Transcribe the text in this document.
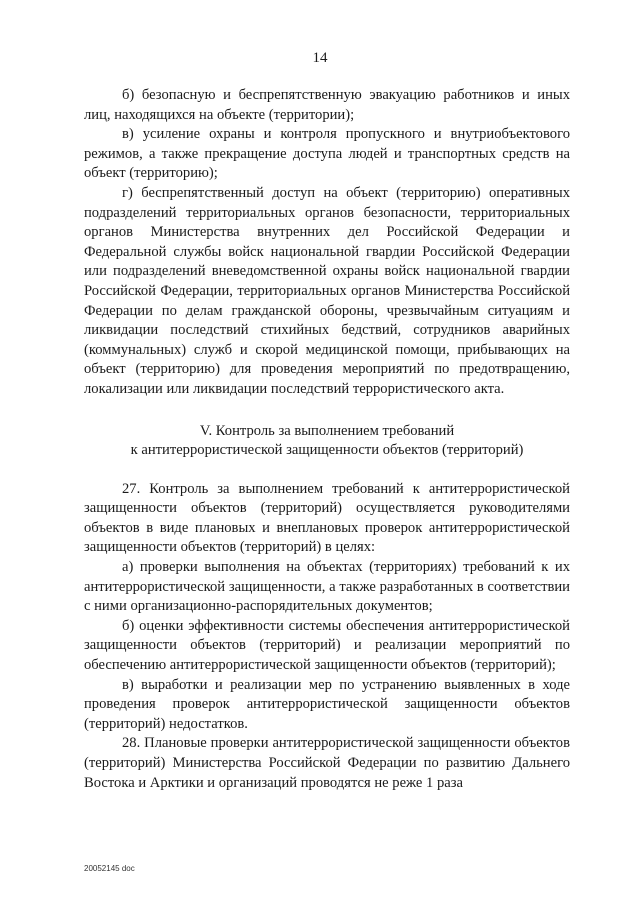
14

б) безопасную и беспрепятственную эвакуацию работников и иных лиц, находящихся на объекте (территории);

в) усиление охраны и контроля пропускного и внутриобъектового режимов, а также прекращение доступа людей и транспортных средств на объект (территорию);

г) беспрепятственный доступ на объект (территорию) оперативных подразделений территориальных органов безопасности, территориальных органов Министерства внутренних дел Российской Федерации и Федеральной службы войск национальной гвардии Российской Федерации или подразделений вневедомственной охраны войск национальной гвардии Российской Федерации, территориальных органов Министерства Российской Федерации по делам гражданской обороны, чрезвычайным ситуациям и ликвидации последствий стихийных бедствий, сотрудников аварийных (коммунальных) служб и скорой медицинской помощи, прибывающих на объект (территорию) для проведения мероприятий по предотвращению, локализации или ликвидации последствий террористического акта.

V. Контроль за выполнением требований
к антитеррористической защищенности объектов (территорий)

27. Контроль за выполнением требований к антитеррористической защищенности объектов (территорий) осуществляется руководителями объектов в виде плановых и внеплановых проверок антитеррористической защищенности объектов (территорий) в целях:

а) проверки выполнения на объектах (территориях) требований к их антитеррористической защищенности, а также разработанных в соответствии с ними организационно-распорядительных документов;

б) оценки эффективности системы обеспечения антитеррористической защищенности объектов (территорий) и реализации мероприятий по обеспечению антитеррористической защищенности объектов (территорий);

в) выработки и реализации мер по устранению выявленных в ходе проведения проверок антитеррористической защищенности объектов (территорий) недостатков.

28. Плановые проверки антитеррористической защищенности объектов (территорий) Министерства Российской Федерации по развитию Дальнего Востока и Арктики и организаций проводятся не реже 1 раза

20052145 doc
